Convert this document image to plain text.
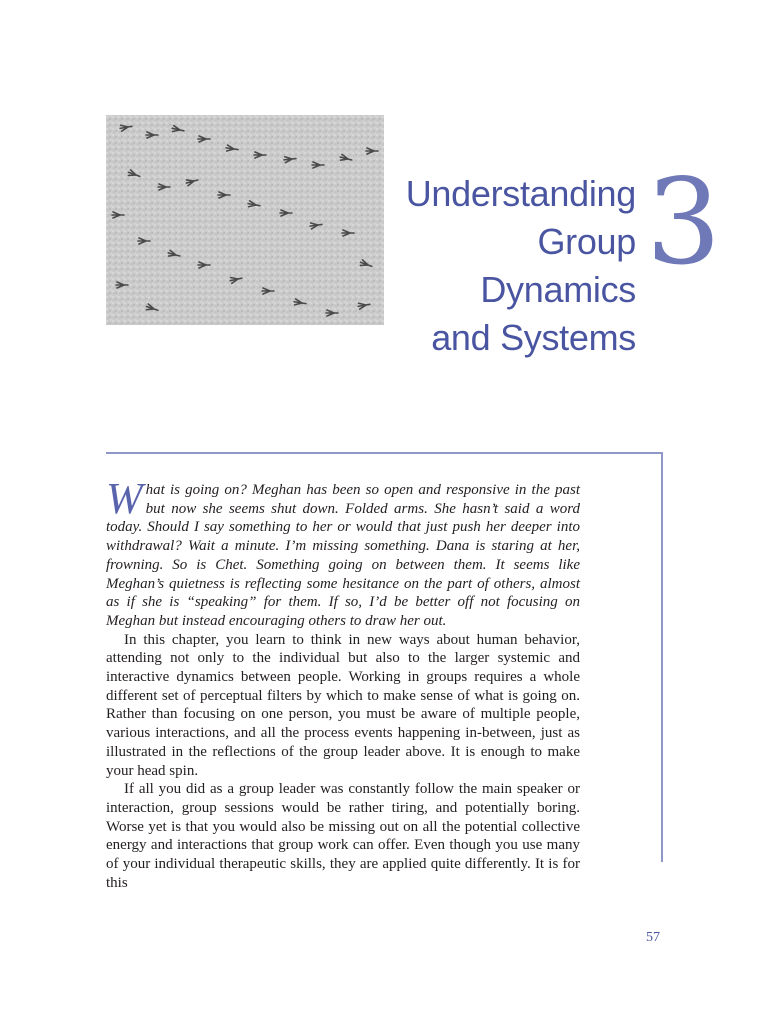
Understanding
Group
Dynamics
and Systems
3

What is going on? Meghan has been so open and responsive in the past but now she seems shut down. Folded arms. She hasn’t said a word today. Should I say something to her or would that just push her deeper into withdrawal? Wait a minute. I’m missing something. Dana is staring at her, frowning. So is Chet. Something going on between them. It seems like Meghan’s quietness is reflecting some hesitance on the part of others, almost as if she is “speaking” for them. If so, I’d be better off not focusing on Meghan but instead encouraging others to draw her out.

In this chapter, you learn to think in new ways about human behavior, attending not only to the individual but also to the larger systemic and interactive dynamics between people. Working in groups requires a whole different set of perceptual filters by which to make sense of what is going on. Rather than focusing on one person, you must be aware of multiple people, various interactions, and all the process events happening in-between, just as illustrated in the reflections of the group leader above. It is enough to make your head spin.

If all you did as a group leader was constantly follow the main speaker or interaction, group sessions would be rather tiring, and potentially boring. Worse yet is that you would also be missing out on all the potential collective energy and interactions that group work can offer. Even though you use many of your individual therapeutic skills, they are applied quite differently. It is for this

57
